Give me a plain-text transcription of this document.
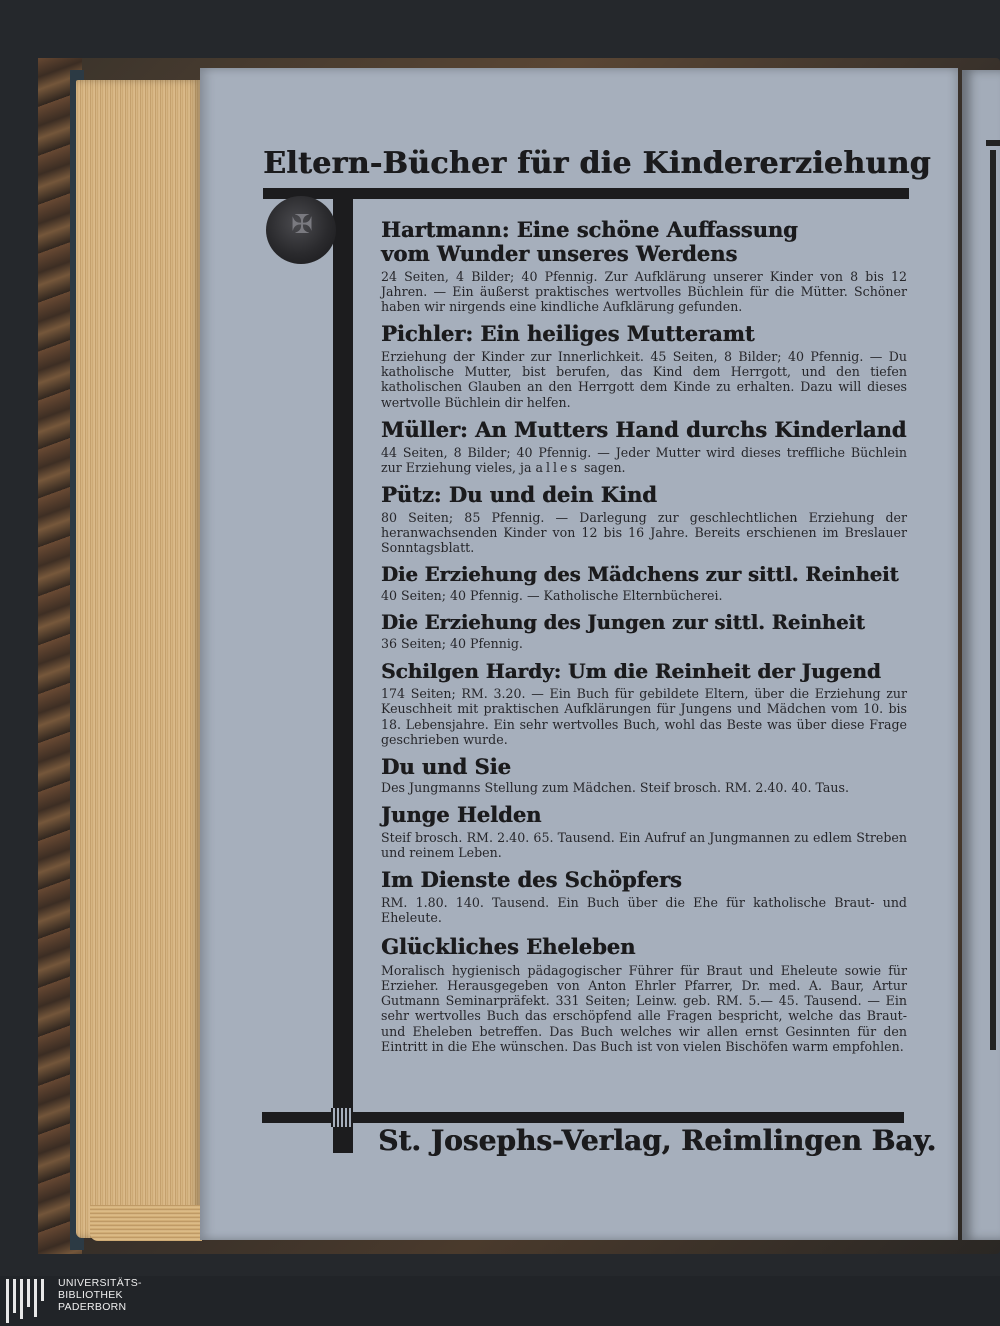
Eltern-Bücher für die Kindererziehung
✠	Hartmann: Eine schöne Auffassung vom Wunder unseres Werdens
24 Seiten, 4 Bilder; 40 Pfennig. Zur Aufklärung unserer Kinder von 8 bis 12 Jahren. — Ein äußerst praktisches wertvolles Büchlein für die Mütter. Schöner haben wir nirgends eine kindliche Aufklärung gefunden.
Pichler: Ein heiliges Mutteramt
Erziehung der Kinder zur Innerlichkeit. 45 Seiten, 8 Bilder; 40 Pfennig. — Du katholische Mutter, bist berufen, das Kind dem Herrgott, und den tiefen katholischen Glauben an den Herrgott dem Kinde zu erhalten. Dazu will dieses wertvolle Büchlein dir helfen.
Müller: An Mutters Hand durchs Kinderland
44 Seiten, 8 Bilder; 40 Pfennig. — Jeder Mutter wird dieses treffliche Büchlein zur Erziehung vieles, ja alles sagen.
Pütz: Du und dein Kind
80 Seiten; 85 Pfennig. — Darlegung zur geschlechtlichen Erziehung der heranwachsenden Kinder von 12 bis 16 Jahre. Bereits erschienen im Breslauer Sonntagsblatt.
Die Erziehung des Mädchens zur sittl. Reinheit
40 Seiten; 40 Pfennig. — Katholische Elternbücherei.
Die Erziehung des Jungen zur sittl. Reinheit
36 Seiten; 40 Pfennig.
Schilgen Hardy: Um die Reinheit der Jugend
174 Seiten; RM. 3.20. — Ein Buch für gebildete Eltern, über die Erziehung zur Keuschheit mit praktischen Aufklärungen für Jungens und Mädchen vom 10. bis 18. Lebensjahre. Ein sehr wertvolles Buch, wohl das Beste was über diese Frage geschrieben wurde.
Du und Sie
Des Jungmanns Stellung zum Mädchen. Steif brosch. RM. 2.40. 40. Taus.
Junge Helden
Steif brosch. RM. 2.40. 65. Tausend. Ein Aufruf an Jungmannen zu edlem Streben und reinem Leben.
Im Dienste des Schöpfers
RM. 1.80. 140. Tausend. Ein Buch über die Ehe für katholische Braut- und Eheleute.
Glückliches Eheleben
Moralisch hygienisch pädagogischer Führer für Braut und Eheleute sowie für Erzieher. Herausgegeben von Anton Ehrler Pfarrer, Dr. med. A. Baur, Artur Gutmann Seminarpräfekt. 331 Seiten; Leinw. geb. RM. 5.— 45. Tausend. — Ein sehr wertvolles Buch das erschöpfend alle Fragen bespricht, welche das Braut- und Eheleben betreffen. Das Buch welches wir allen ernst Gesinnten für den Eintritt in die Ehe wünschen. Das Buch ist von vielen Bischöfen warm empfohlen.
St. Josephs-Verlag, Reimlingen Bay.
UNIVERSITÄTS-
BIBLIOTHEK
PADERBORN
